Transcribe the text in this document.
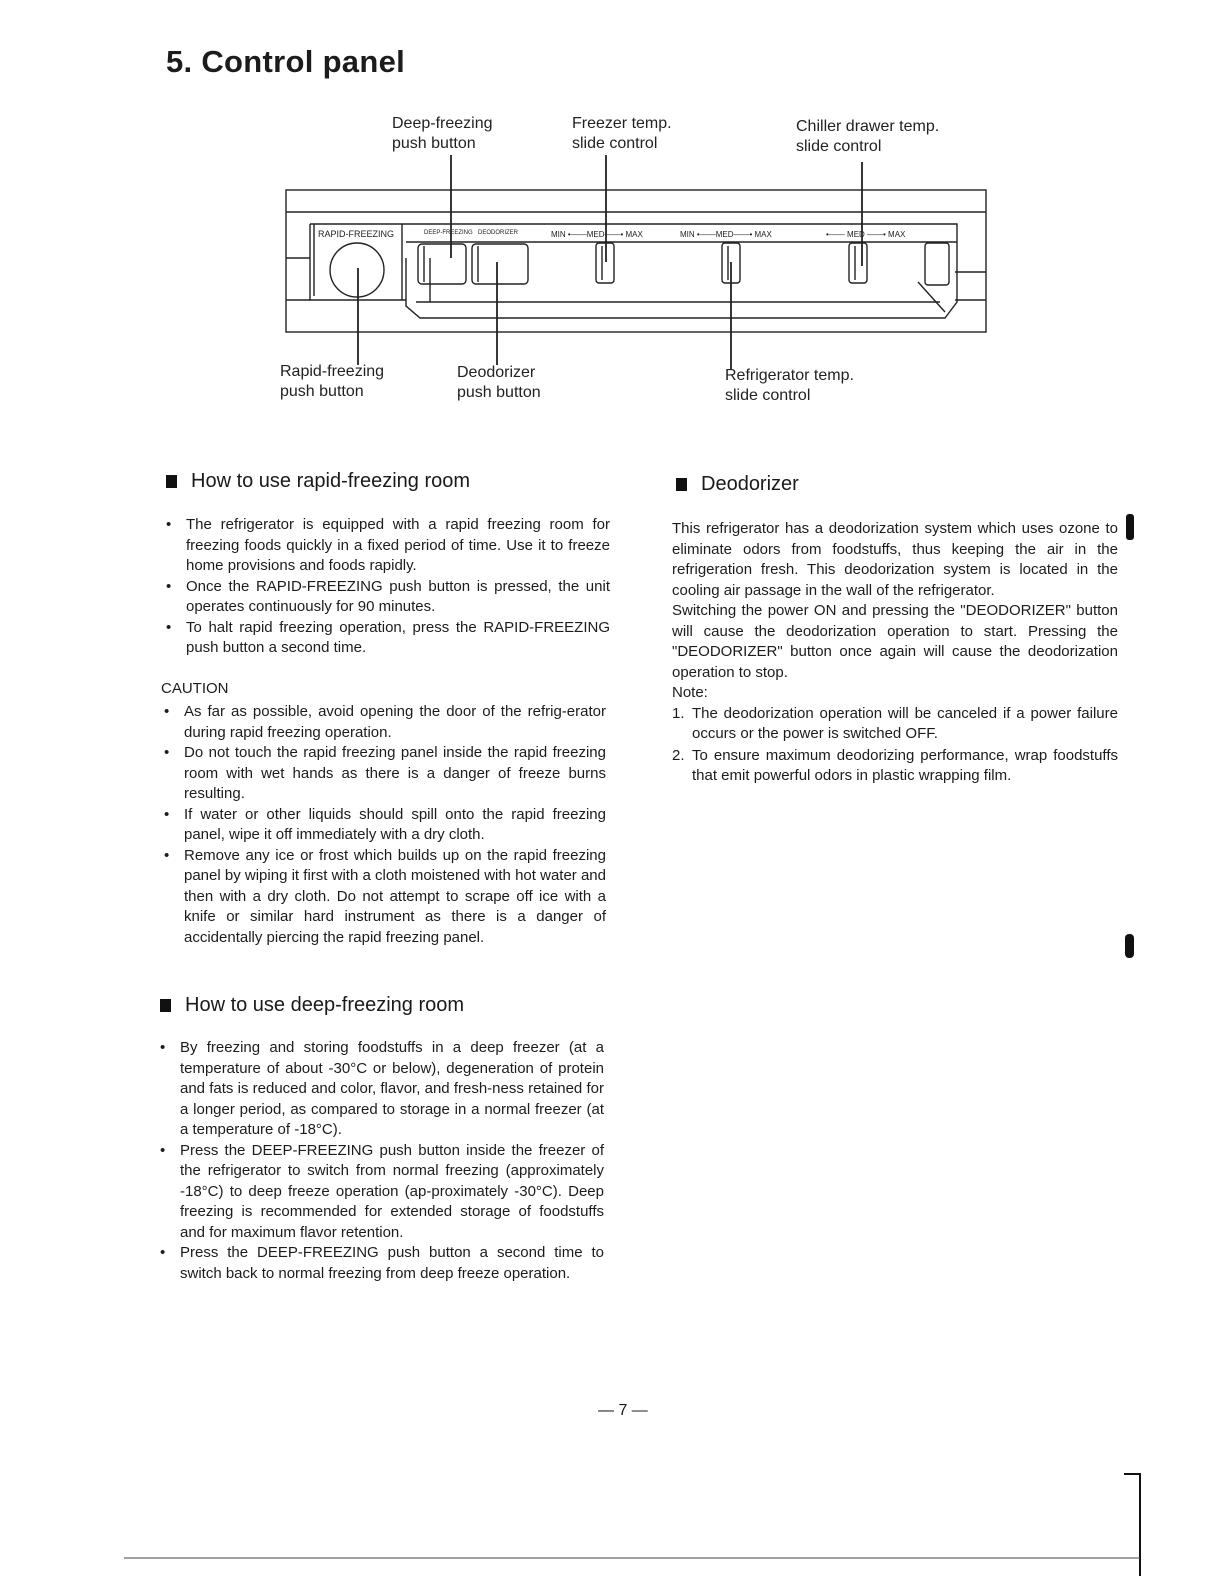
5. Control panel
Deep-freezing
push button
Freezer temp.
slide control
Chiller drawer temp.
slide control
RAPID-FREEZING	DEEP-FREEZING DEODORIZER	MIN •——MED——• MAX	MIN •——MED——• MAX	•—— MED ——• MAX
Rapid-freezing
push button
Deodorizer
push button
Refrigerator temp.
slide control
How to use rapid-freezing room
• The refrigerator is equipped with a rapid freezing room for freezing foods quickly in a fixed period of time. Use it to freeze home provisions and foods rapidly.
• Once the RAPID-FREEZING push button is pressed, the unit operates continuously for 90 minutes.
• To halt rapid freezing operation, press the RAPID-FREEZING push button a second time.
CAUTION
• As far as possible, avoid opening the door of the refrig-erator during rapid freezing operation.
• Do not touch the rapid freezing panel inside the rapid freezing room with wet hands as there is a danger of freeze burns resulting.
• If water or other liquids should spill onto the rapid freezing panel, wipe it off immediately with a dry cloth.
• Remove any ice or frost which builds up on the rapid freezing panel by wiping it first with a cloth moistened with hot water and then with a dry cloth. Do not attempt to scrape off ice with a knife or similar hard instrument as there is a danger of accidentally piercing the rapid freezing panel.
How to use deep-freezing room
• By freezing and storing foodstuffs in a deep freezer (at a temperature of about -30°C or below), degeneration of protein and fats is reduced and color, flavor, and fresh-ness retained for a longer period, as compared to storage in a normal freezer (at a temperature of -18°C).
• Press the DEEP-FREEZING push button inside the freezer of the refrigerator to switch from normal freezing (approximately -18°C) to deep freeze operation (ap-proximately -30°C). Deep freezing is recommended for extended storage of foodstuffs and for maximum flavor retention.
• Press the DEEP-FREEZING push button a second time to switch back to normal freezing from deep freeze operation.
Deodorizer

This refrigerator has a deodorization system which uses ozone to eliminate odors from foodstuffs, thus keeping the air in the refrigeration fresh. This deodorization system is located in the cooling air passage in the wall of the refrigerator.

Switching the power ON and pressing the "DEODORIZER" button will cause the deodorization operation to start. Pressing the "DEODORIZER" button once again will cause the deodorization operation to stop.

Note:

1. The deodorization operation will be canceled if a power failure occurs or the power is switched OFF.
2. To ensure maximum deodorizing performance, wrap foodstuffs that emit powerful odors in plastic wrapping film.
— 7 —
